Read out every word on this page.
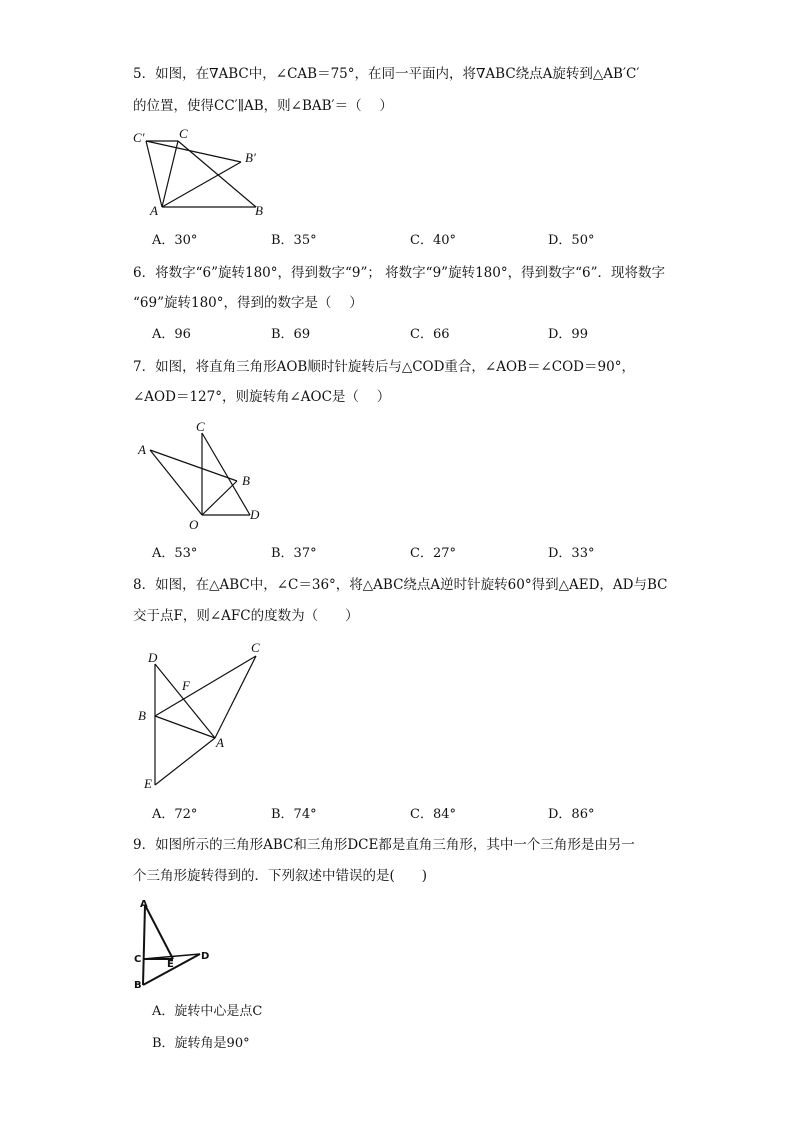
5．如图，在∇ABC中，∠CAB＝75°，在同一平面内，将∇ABC绕点A旋转到△AB′C′
的位置，使得CC′∥AB，则∠BAB′＝（　 ）
C′	C
B′
A	B
A．30°	B．35°	C．40°	D．50°
6．将数字“6”旋转180°，得到数字“9”； 将数字“9”旋转180°，得到数字“6”．现将数字
“69”旋转180°，得到的数字是（　 ）
A．96	B．69	C．66	D．99
7．如图，将直角三角形AOB顺时针旋转后与△COD重合，∠AOB＝∠COD＝90°，
∠AOD＝127°，则旋转角∠AOC是（　 ）
A
C
B
O
D
A．53°	B．37°	C．27°	D．33°
8．如图，在△ABC中，∠C＝36°，将△ABC绕点A逆时针旋转60°得到△AED，AD与BC
交于点F，则∠AFC的度数为（　　）
D
C
F
B
A
E
A．72°	B．74°	C．84°	D．86°
9．如图所示的三角形ABC和三角形DCE都是直角三角形，其中一个三角形是由另一
个三角形旋转得到的．下列叙述中错误的是(　　)
A
C	E
D
B
A．旋转中心是点C
B．旋转角是90°
